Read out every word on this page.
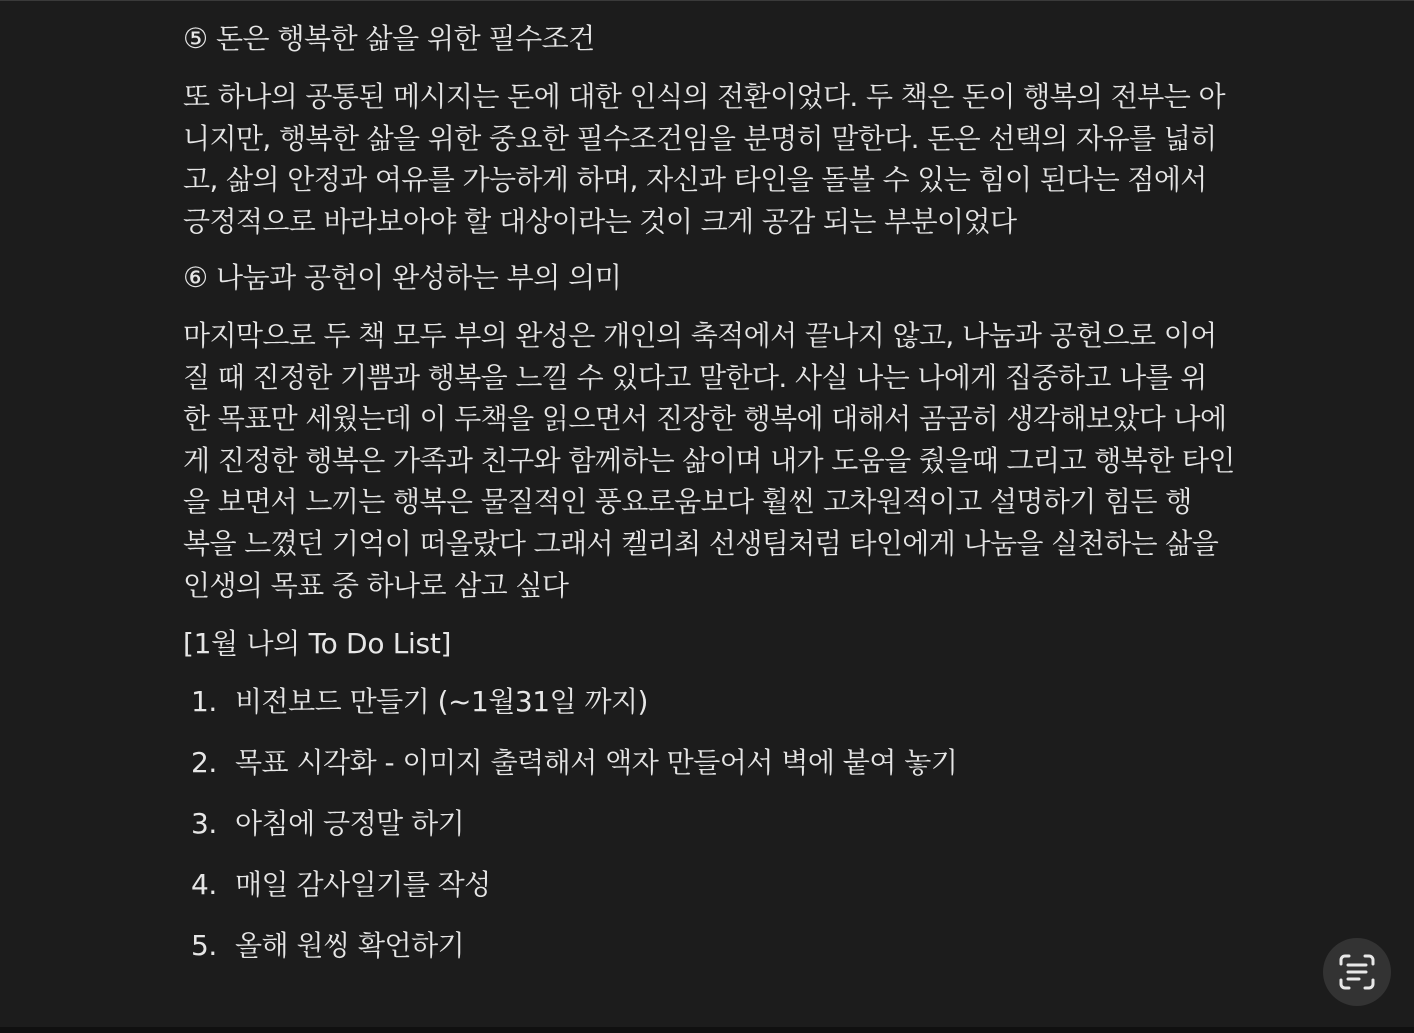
⑤ 돈은 행복한 삶을 위한 필수조건
또 하나의 공통된 메시지는 돈에 대한 인식의 전환이었다. 두 책은 돈이 행복의 전부는 아
니지만, 행복한 삶을 위한 중요한 필수조건임을 분명히 말한다. 돈은 선택의 자유를 넓히
고, 삶의 안정과 여유를 가능하게 하며, 자신과 타인을 돌볼 수 있는 힘이 된다는 점에서
긍정적으로 바라보아야 할 대상이라는 것이 크게 공감 되는 부분이었다
⑥ 나눔과 공헌이 완성하는 부의 의미
마지막으로 두 책 모두 부의 완성은 개인의 축적에서 끝나지 않고, 나눔과 공헌으로 이어
질 때 진정한 기쁨과 행복을 느낄 수 있다고 말한다. 사실 나는 나에게 집중하고 나를 위
한 목표만 세웠는데 이 두책을 읽으면서 진장한 행복에 대해서 곰곰히 생각해보았다 나에
게 진정한 행복은 가족과 친구와 함께하는 삶이며 내가 도움을 줬을때 그리고 행복한 타인
을 보면서 느끼는 행복은 물질적인 풍요로움보다 훨씬 고차원적이고 설명하기 힘든 행
복을 느꼈던 기억이 떠올랐다 그래서 켈리최 선생팀처럼 타인에게 나눔을 실천하는 삶을
인생의 목표 중 하나로 삼고 싶다
[1월 나의 To Do List]
1. 비전보드 만들기 (~1월31일 까지)
2. 목표 시각화 - 이미지 출력해서 액자 만들어서 벽에 붙여 놓기
3. 아침에 긍정말 하기
4. 매일 감사일기를 작성
5. 올해 원씽 확언하기
